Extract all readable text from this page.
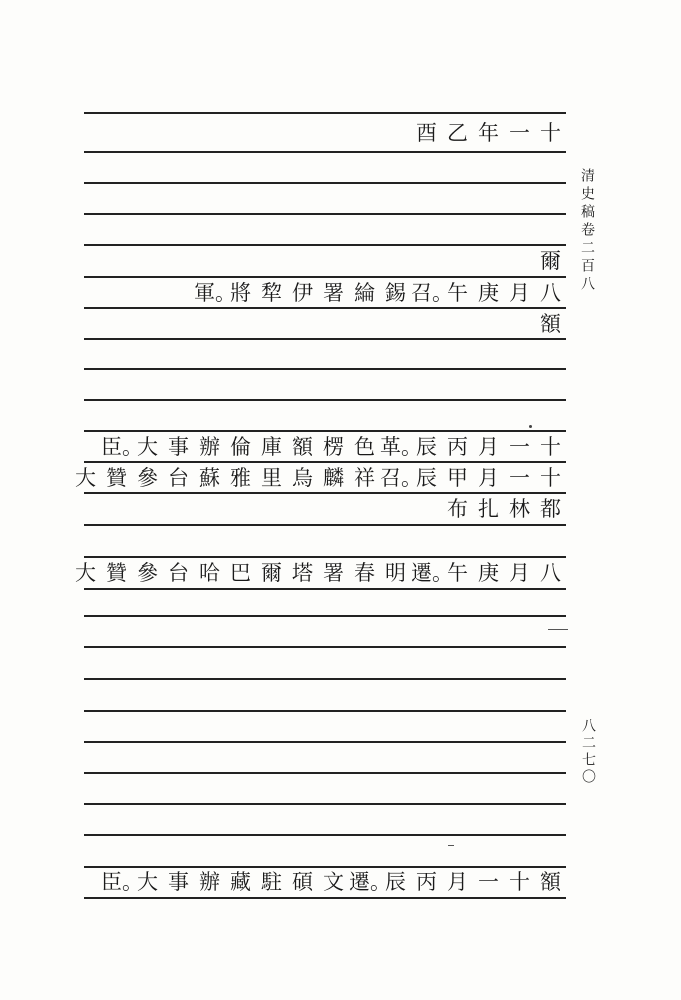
清史稿卷二百八
八二七〇
十
一
年
乙
酉
爾
八
月
庚
午
召。
錫
綸
署
伊
犂
將
軍。
額
十
一
月
丙
辰
革。
色
楞
額
庫
倫
辦
事
大
臣。
十
一
月
甲
辰
召。
祥
麟
烏
里
雅
蘇
台
參
贊
大
都
林
扎
布
八
月
庚
午
遷。
明
春
署
塔
爾
巴
哈
台
參
贊
大
額
十
一
月
丙
辰
遷。
文
碩
駐
藏
辦
事
大
臣。
